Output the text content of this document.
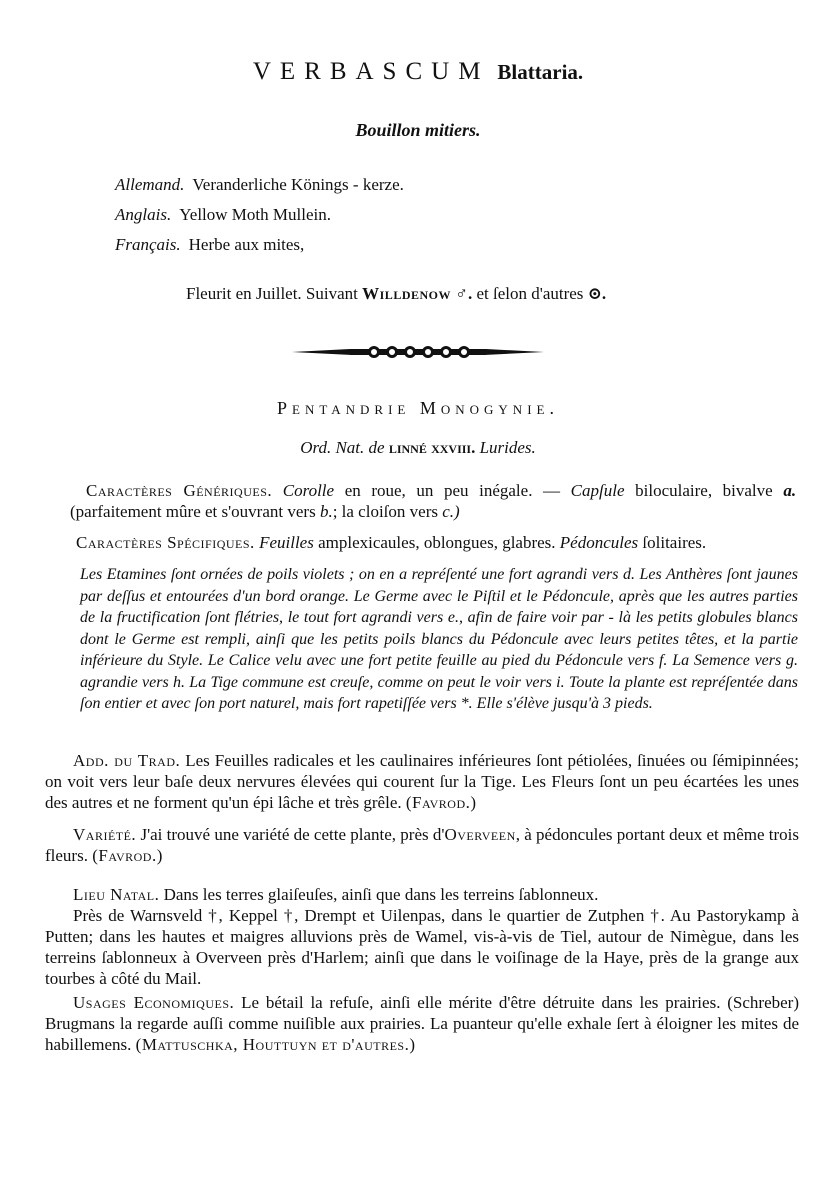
VERBASCUM Blattaria.
Bouillon mitiers.
Allemand. Veranderliche Könings - kerze.
Anglais. Yellow Moth Mullein.
Français. Herbe aux mites,
Fleurit en Juillet. Suivant Willdenow ♂. et ſelon d'autres ⊙.
Pentandrie Monogynie.
Ord. Nat. de linné xxviii. Lurides.

Caractères Génériques. Corolle en roue, un peu inégale. — Capſule biloculaire, bivalve a. (parfaitement mûre et s'ouvrant vers b.; la cloiſon vers c.)

Caractères Spécifiques. Feuilles amplexicaules, oblongues, glabres. Pédoncules ſolitaires.

Les Etamines ſont ornées de poils violets ; on en a repréſenté une fort agrandi vers d. Les Anthères ſont jaunes par deſſus et entourées d'un bord orange. Le Germe avec le Piſtil et le Pédoncule, après que les autres parties de la fructification ſont flétries, le tout fort agrandi vers e., afin de faire voir par - là les petits globules blancs dont le Germe est rempli, ainſi que les petits poils blancs du Pédoncule avec leurs petites têtes, et la partie inférieure du Style. Le Calice velu avec une fort petite feuille au pied du Pédoncule vers f. La Semence vers g. agrandie vers h. La Tige commune est creuſe, comme on peut le voir vers i. Toute la plante est repréſentée dans ſon entier et avec ſon port naturel, mais fort rapetiſſée vers *. Elle s'élève jusqu'à 3 pieds.

Add. du Trad. Les Feuilles radicales et les caulinaires inférieures ſont pétiolées, ſinuées ou ſémipinnées; on voit vers leur baſe deux nervures élevées qui courent ſur la Tige. Les Fleurs ſont un peu écartées les unes des autres et ne forment qu'un épi lâche et très grêle. (Favrod.)

Variété. J'ai trouvé une variété de cette plante, près d'Overveen, à pédoncules portant deux et même trois fleurs. (Favrod.)

Lieu Natal. Dans les terres glaiſeuſes, ainſi que dans les terreins ſablonneux.

Près de Warnsveld †, Keppel †, Drempt et Uilenpas, dans le quartier de Zutphen †. Au Pastorykamp à Putten; dans les hautes et maigres alluvions près de Wamel, vis-à-vis de Tiel, autour de Nimègue, dans les terreins ſablonneux à Overveen près d'Harlem; ainſi que dans le voiſinage de la Haye, près de la grange aux tourbes à côté du Mail.

Usages Economiques. Le bétail la refuſe, ainſi elle mérite d'être détruite dans les prairies. (Schreber) Brugmans la regarde auſſi comme nuiſible aux prairies. La puanteur qu'elle exhale ſert à éloigner les mites de habillemens. (Mattuschka, Houttuyn et d'autres.)
